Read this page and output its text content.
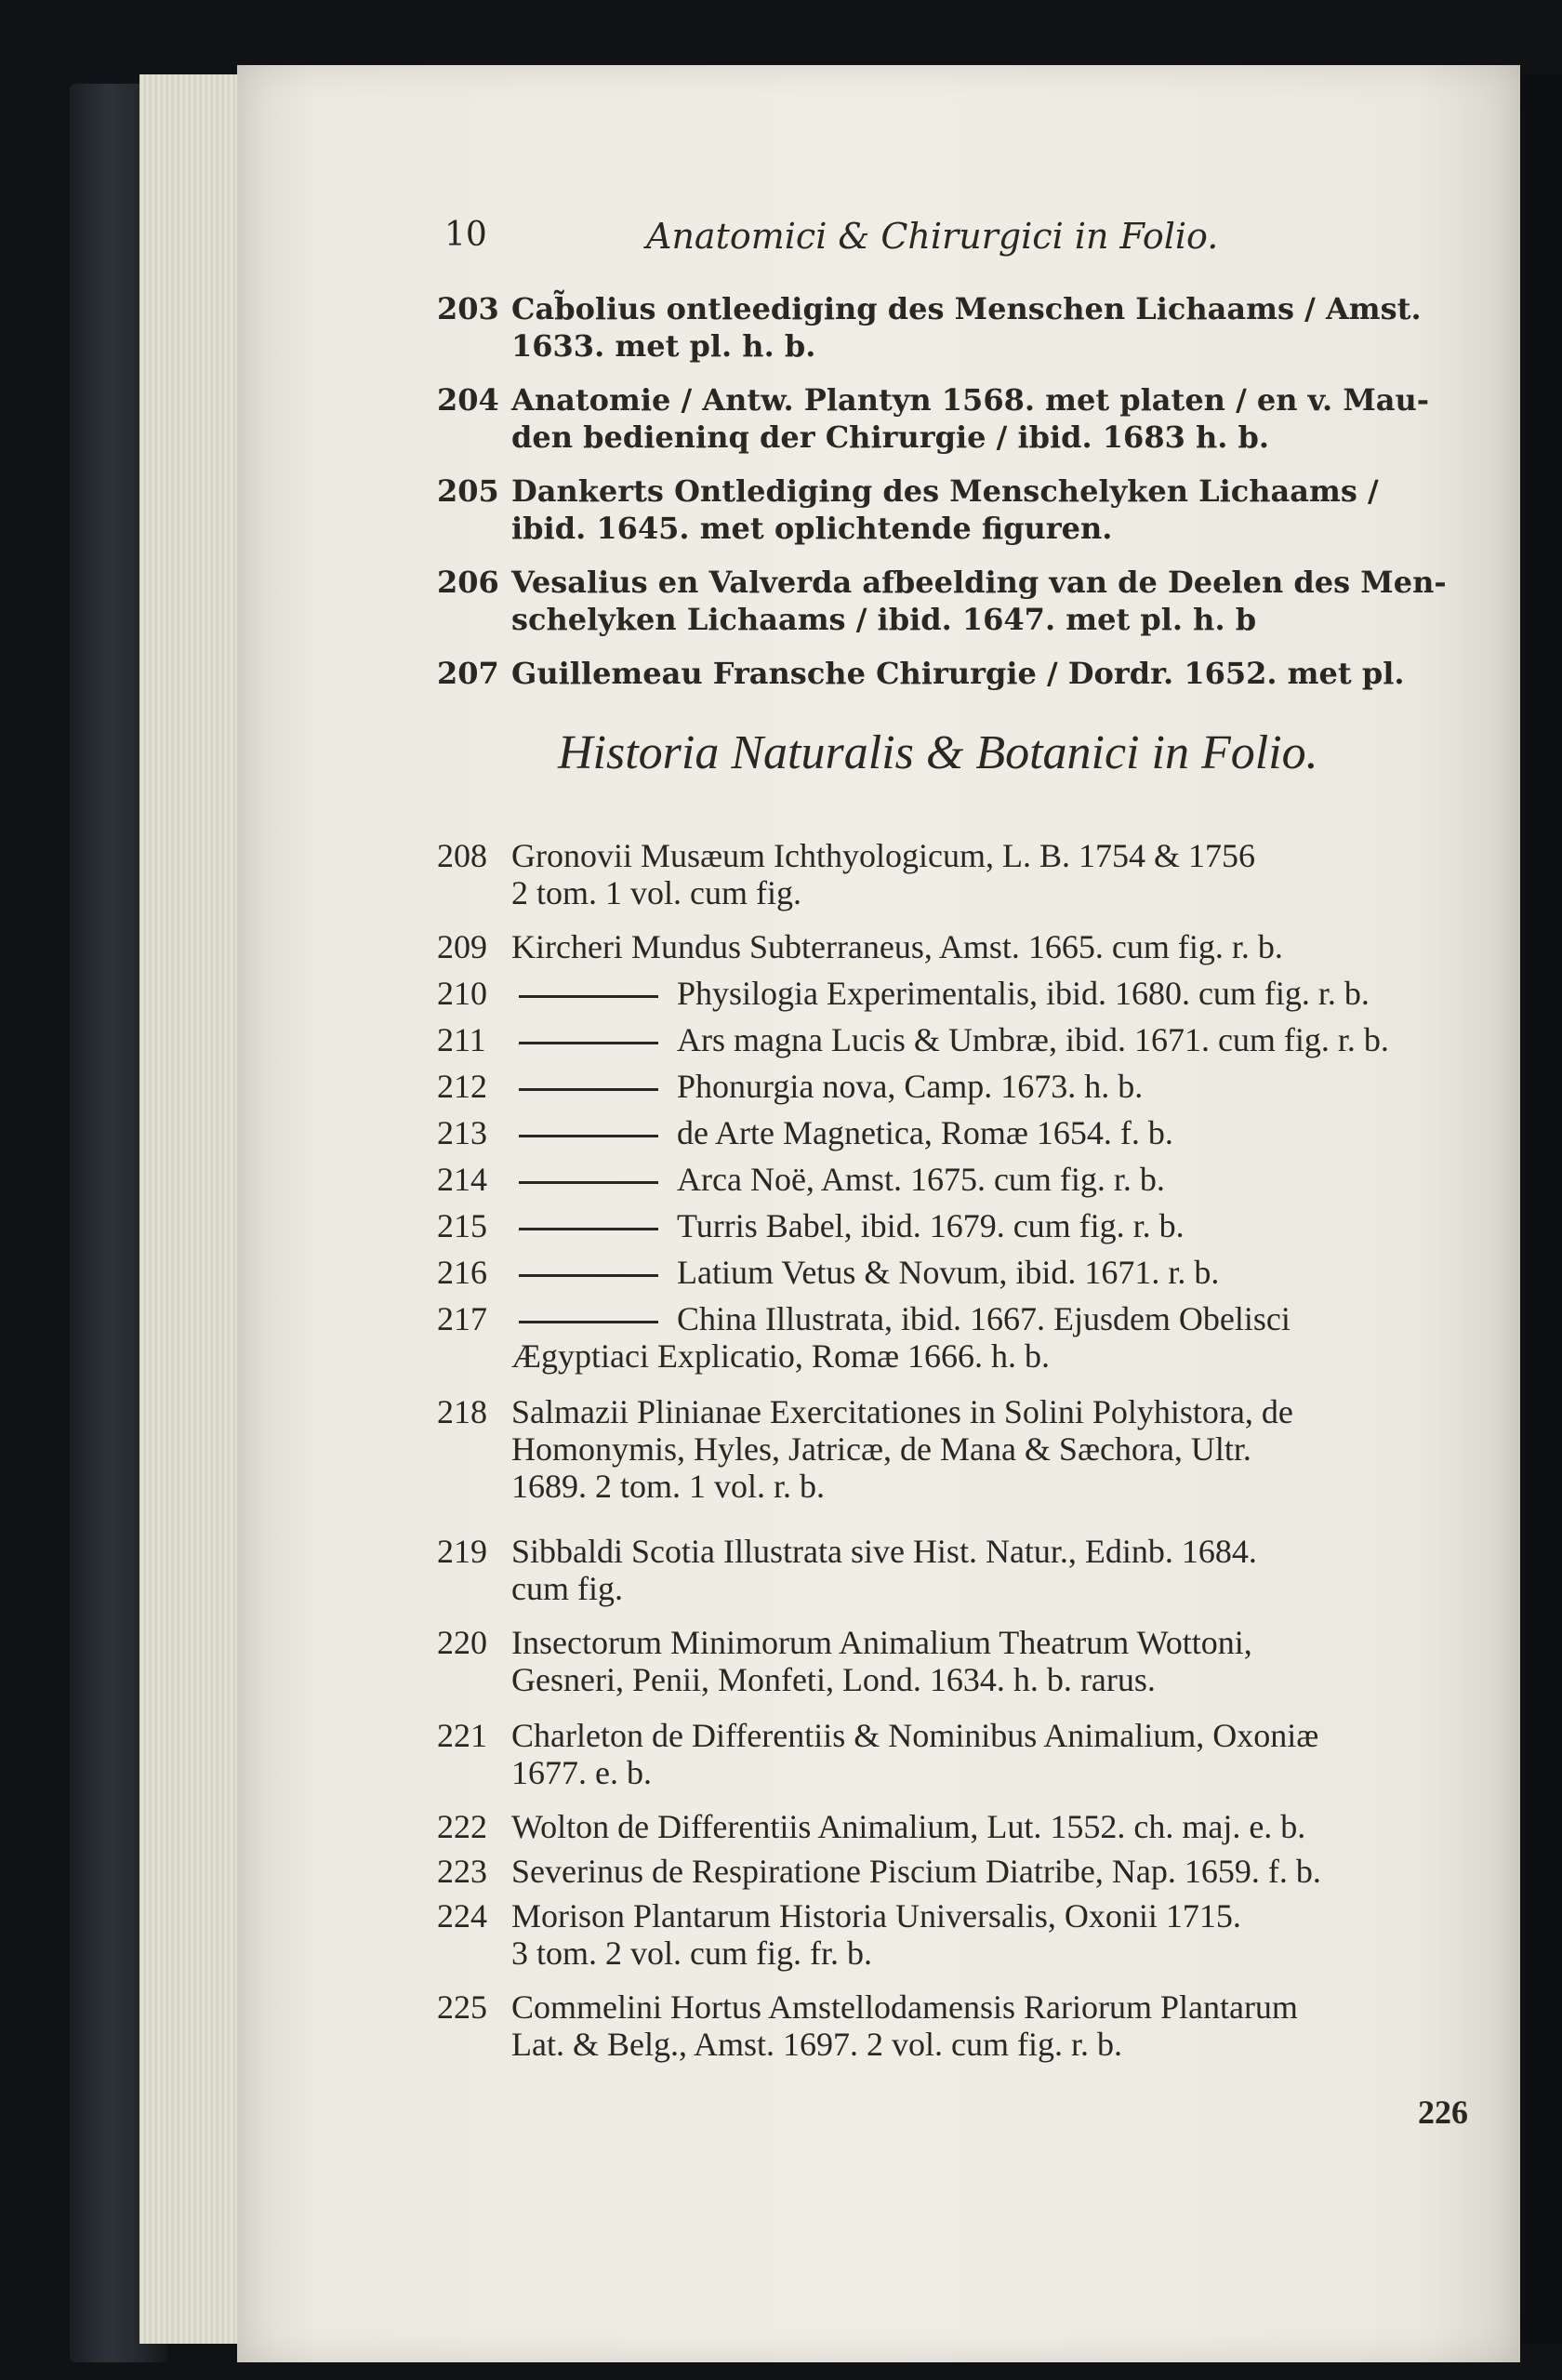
10	Anatomici & Chirurgici in Folio.
203 Cab̃olius ontleediging des Menschen Lichaams / Amst.
1633. met pl. h. b.
204 Anatomie / Antw. Plantyn 1568. met platen / en v. Mau-
den bedieninq der Chirurgie / ibid. 1683 h. b.
205 Dankerts Ontlediging des Menschelyken Lichaams /
ibid. 1645. met oplichtende figuren.
206 Vesalius en Valverda afbeelding van de Deelen des Men-
schelyken Lichaams / ibid. 1647. met pl. h. b
207 Guillemeau Fransche Chirurgie / Dordr. 1652. met pl.
Historia Naturalis & Botanici in Folio.
208 Gronovii Musæum Ichthyologicum, L. B. 1754 & 1756
2 tom. 1 vol. cum fig.
209 Kircheri Mundus Subterraneus, Amst. 1665. cum fig. r. b.
210	Physilogia Experimentalis, ibid. 1680. cum fig. r. b.
211	Ars magna Lucis & Umbræ, ibid. 1671. cum fig. r. b.
212	Phonurgia nova, Camp. 1673. h. b.
213	de Arte Magnetica, Romæ 1654. f. b.
214	Arca Noë, Amst. 1675. cum fig. r. b.
215	Turris Babel, ibid. 1679. cum fig. r. b.
216	Latium Vetus & Novum, ibid. 1671. r. b.
217	China Illustrata, ibid. 1667. Ejusdem Obelisci
Ægyptiaci Explicatio, Romæ 1666. h. b.
218 Salmazii Plinianae Exercitationes in Solini Polyhistora, de
Homonymis, Hyles, Jatricæ, de Mana & Sæchora, Ultr.
1689. 2 tom. 1 vol. r. b.
219 Sibbaldi Scotia Illustrata sive Hist. Natur., Edinb. 1684.
cum fig.
220 Insectorum Minimorum Animalium Theatrum Wottoni,
Gesneri, Penii, Monfeti, Lond. 1634. h. b. rarus.
221 Charleton de Differentiis & Nominibus Animalium, Oxoniæ
1677. e. b.
222 Wolton de Differentiis Animalium, Lut. 1552. ch. maj. e. b.
223 Severinus de Respiratione Piscium Diatribe, Nap. 1659. f. b.
224 Morison Plantarum Historia Universalis, Oxonii 1715.
3 tom. 2 vol. cum fig. fr. b.
225 Commelini Hortus Amstellodamensis Rariorum Plantarum
Lat. & Belg., Amst. 1697. 2 vol. cum fig. r. b.
226
